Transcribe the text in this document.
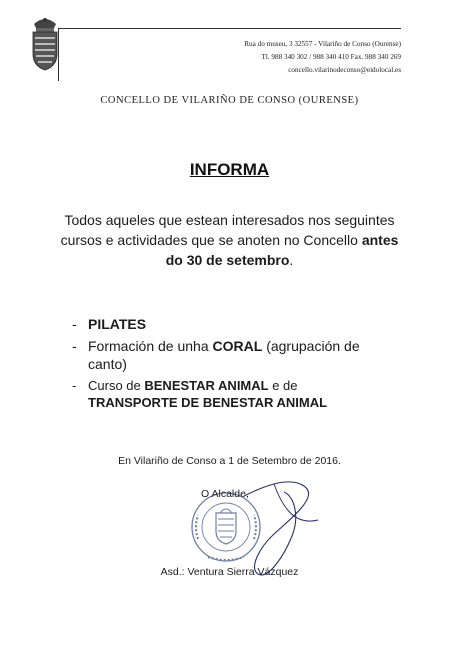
Rua do museu, 3 32557 - Vilariño de Conso (Ourense)
Tl. 988 340 302 / 988 340 410 Fax. 988 340 269
concello.vilarinodeconso@eidolocal.es
CONCELLO DE VILARIÑO DE CONSO (OURENSE)
INFORMA
Todos aqueles que estean interesados nos seguintes cursos e actividades que se anoten no Concello antes do 30 de setembro.
- PILATES
- Formación de unha CORAL (agrupación de canto)
- Curso de BENESTAR ANIMAL e de
TRANSPORTE DE BENESTAR ANIMAL
En Vilariño de Conso a 1 de Setembro de 2016.
O Alcalde,
Asd.: Ventura Sierra Vázquez
